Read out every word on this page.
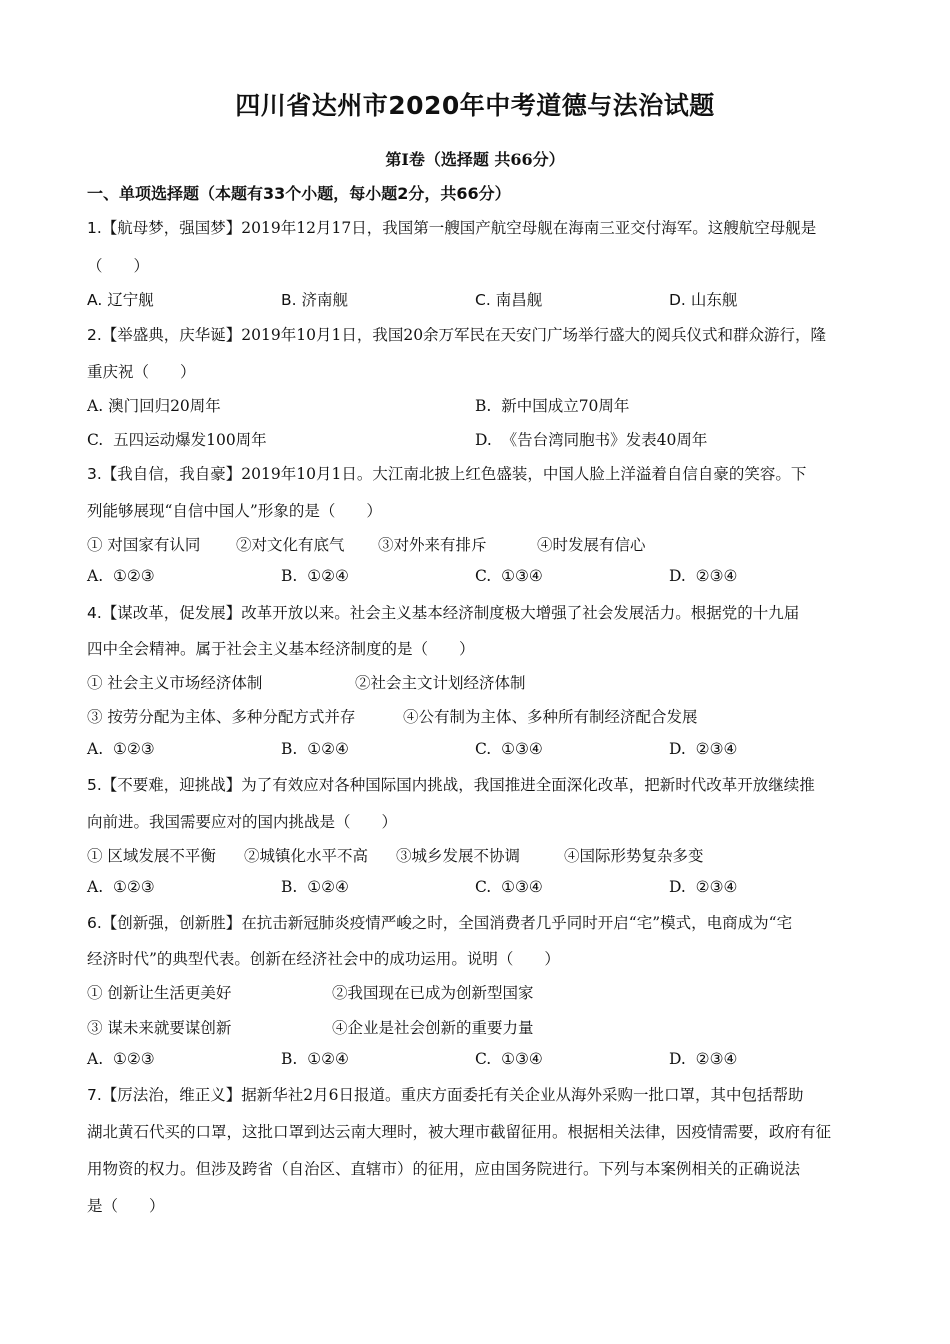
四川省达州市2020年中考道德与法治试题
第I卷（选择题 共66分）
一、单项选择题（本题有33个小题，每小题2分，共66分）
1.【航母梦，强国梦】2019年12月17日，我国第一艘国产航空母舰在海南三亚交付海军。这艘航空母舰是
（　　）
A. 辽宁舰	B. 济南舰	C. 南昌舰	D. 山东舰
2.【举盛典，庆华诞】2019年10月1日，我国20余万军民在天安门广场举行盛大的阅兵仪式和群众游行，隆
重庆祝（　　）
A. 澳门回归20周年	B. 新中国成立70周年
C. 五四运动爆发100周年	D. 《告台湾同胞书》发表40周年
3.【我自信，我自豪】2019年10月1日。大江南北披上红色盛装，中国人脸上洋溢着自信自豪的笑容。下
列能够展现“自信中国人”形象的是（　　）
① 对国家有认同 ②对文化有底气 ③对外来有排斥	④时发展有信心
A. ①②③	B. ①②④	C. ①③④	D. ②③④
4.【谋改革，促发展】改革开放以来。社会主义基本经济制度极大增强了社会发展活力。根据党的十九届
四中全会精神。属于社会主义基本经济制度的是（　　）
① 社会主义市场经济体制	②社会主文计划经济体制
③ 按劳分配为主体、多种分配方式并存	④公有制为主体、多种所有制经济配合发展
A. ①②③	B. ①②④	C. ①③④	D. ②③④
5.【不要难，迎挑战】为了有效应对各种国际国内挑战，我国推进全面深化改革，把新时代改革开放继续推
向前进。我国需要应对的国内挑战是（　　）
① 区域发展不平衡 ②城镇化水平不高 ③城乡发展不协调	④国际形势复杂多变
A. ①②③	B. ①②④	C. ①③④	D. ②③④
6.【创新强，创新胜】在抗击新冠肺炎疫情严峻之时，全国消费者几乎同时开启“宅”模式，电商成为“宅
经济时代”的典型代表。创新在经济社会中的成功运用。说明（　　）
① 创新让生活更美好	②我国现在已成为创新型国家
③ 谋未来就要谋创新	④企业是社会创新的重要力量
A. ①②③	B. ①②④	C. ①③④	D. ②③④
7.【厉法治，维正义】据新华社2月6日报道。重庆方面委托有关企业从海外采购一批口罩，其中包括帮助
湖北黄石代买的口罩，这批口罩到达云南大理时，被大理市截留征用。根据相关法律，因疫情需要，政府有征
用物资的权力。但涉及跨省（自治区、直辖市）的征用，应由国务院进行。下列与本案例相关的正确说法
是（　　）
